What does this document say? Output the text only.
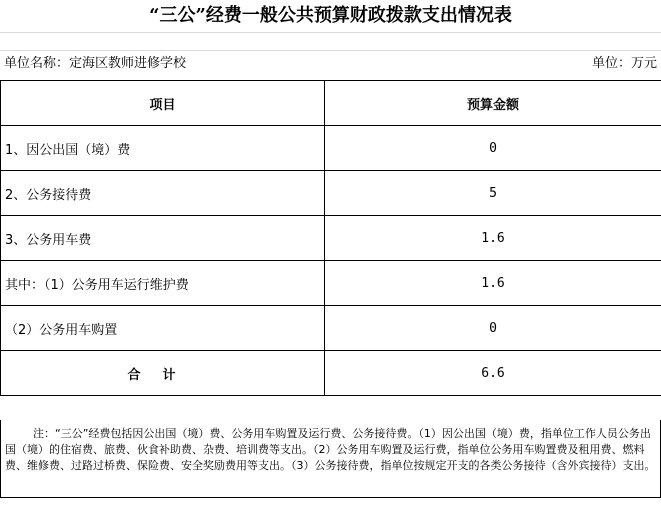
“三公”经费一般公共预算财政拨款支出情况表
单位名称：定海区教师进修学校	单位：万元
项目	预算金额
1、因公出国（境）费	0
2、公务接待费	5
3、公务用车费	1.6
其中：（1）公务用车运行维护费	1.6
（2）公务用车购置	0
合计	6.6
注：“三公”经费包括因公出国（境）费、公务用车购置及运行费、公务接待费。（1）因公出国（境）费，指单位工作人员公务出国（境）的住宿费、旅费、伙食补助费、杂费、培训费等支出。（2）公务用车购置及运行费，指单位公务用车购置费及租用费、燃料费、维修费、过路过桥费、保险费、安全奖励费用等支出。（3）公务接待费，指单位按规定开支的各类公务接待（含外宾接待）支出。
